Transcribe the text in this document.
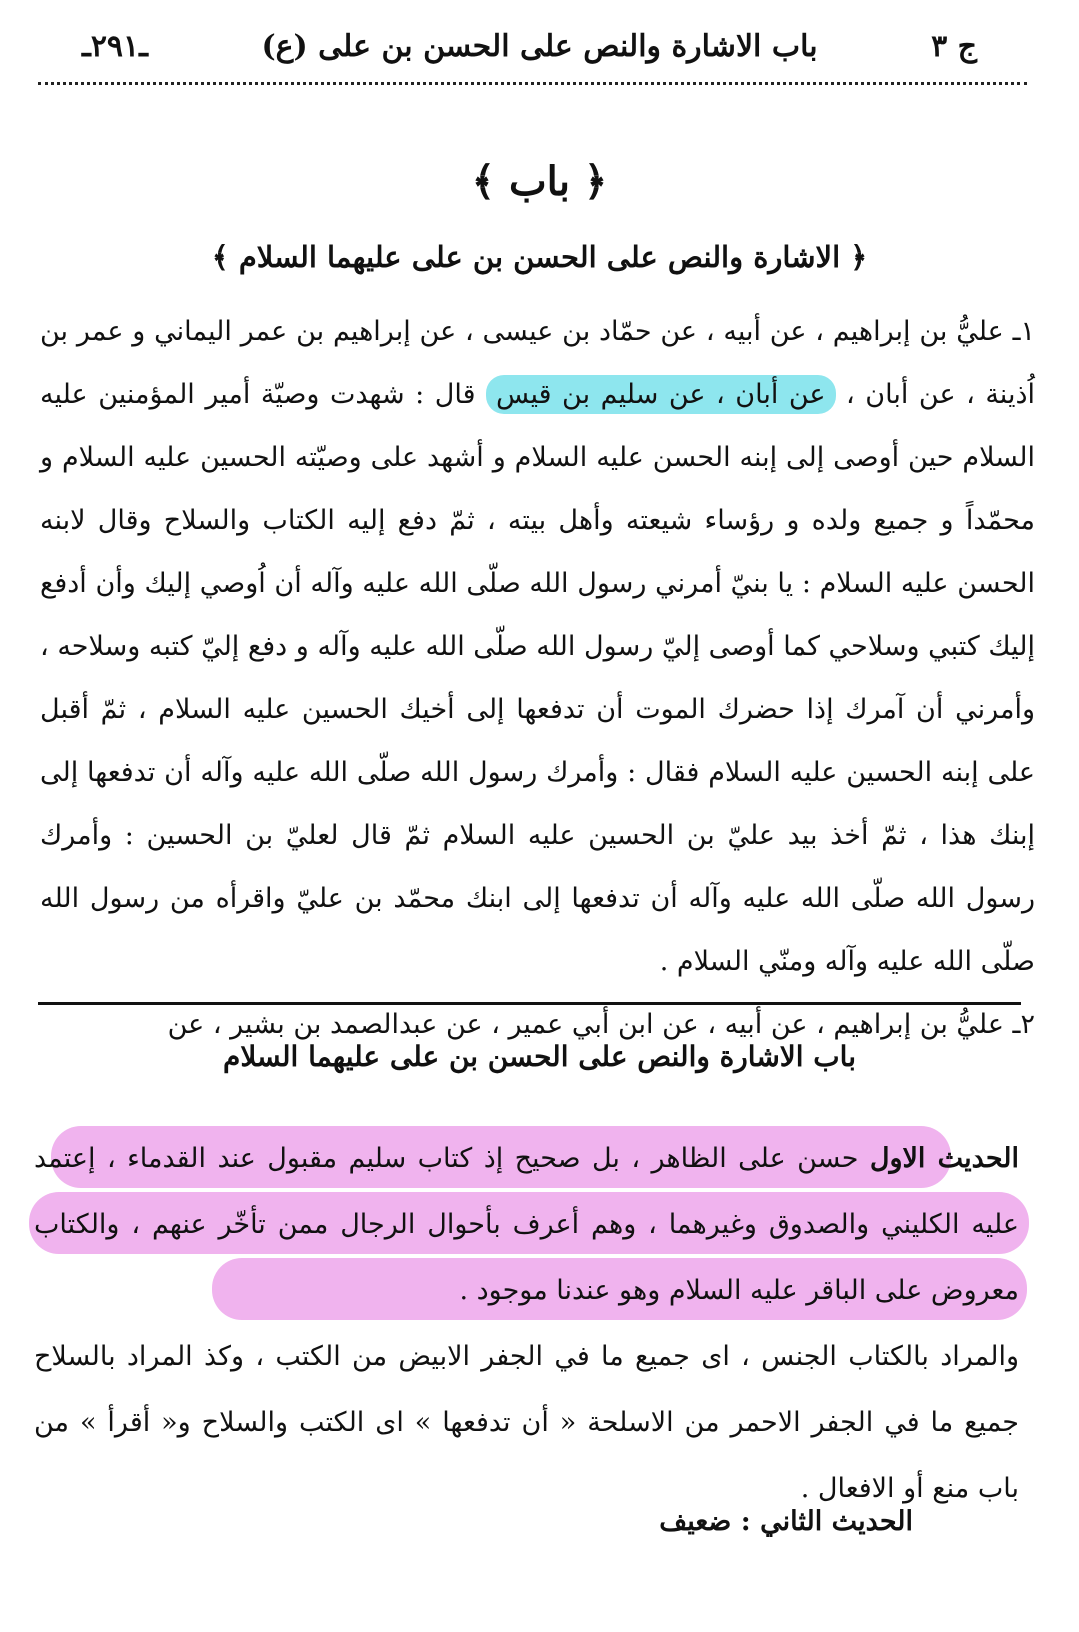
ج ٣
باب الاشارة والنص على الحسن بن على (ع)
ـ٢٩١ـ
﴿ باب ﴾
﴿ الاشارة والنص على الحسن بن على عليهما السلام ﴾

١ـ عليُّ بن إبراهيم ، عن أبيه ، عن حمّاد بن عيسى ، عن إبراهيم بن عمر اليماني و عمر بن اُذينة ، عن أبان ، عن أبان ، عن سليم بن قيس قال : شهدت وصيّة أمير المؤمنين عليه السلام حين أوصى إلى إبنه الحسن عليه السلام و أشهد على وصيّته الحسين عليه السلام و محمّداً و جميع ولده و رؤساء شيعته وأهل بيته ، ثمّ دفع إليه الكتاب والسلاح وقال لابنه الحسن عليه السلام : يا بنيّ أمرني رسول الله صلّى الله عليه وآله أن اُوصي إليك وأن أدفع إليك كتبي وسلاحي كما أوصى إليّ رسول الله صلّى الله عليه وآله و دفع إليّ كتبه وسلاحه ، وأمرني أن آمرك إذا حضرك الموت أن تدفعها إلى أخيك الحسين عليه السلام ، ثمّ أقبل على إبنه الحسين عليه السلام فقال : وأمرك رسول الله صلّى الله عليه وآله أن تدفعها إلى إبنك هذا ، ثمّ أخذ بيد عليّ بن الحسين عليه السلام ثمّ قال لعليّ بن الحسين : وأمرك رسول الله صلّى الله عليه وآله أن تدفعها إلى ابنك محمّد بن عليّ واقرأه من رسول الله صلّى الله عليه وآله ومنّي السلام .

٢ـ عليُّ بن إبراهيم ، عن أبيه ، عن ابن أبي عمير ، عن عبدالصمد بن بشير ، عن

باب الاشارة والنص على الحسن بن على عليهما السلام

الحديث الاول حسن على الظاهر ، بل صحيح إذ كتاب سليم مقبول عند القدماء ، إعتمد عليه الكليني والصدوق وغيرهما ، وهم أعرف بأحوال الرجال ممن تأخّر عنهم ، والكتاب معروض على الباقر عليه السلام وهو عندنا موجود .

والمراد بالكتاب الجنس ، اى جميع ما في الجفر الابيض من الكتب ، وكذ المراد بالسلاح جميع ما في الجفر الاحمر من الاسلحة « أن تدفعها » اى الكتب والسلاح و« أقرأ » من باب منع أو الافعال .

الحديث الثاني : ضعيف
